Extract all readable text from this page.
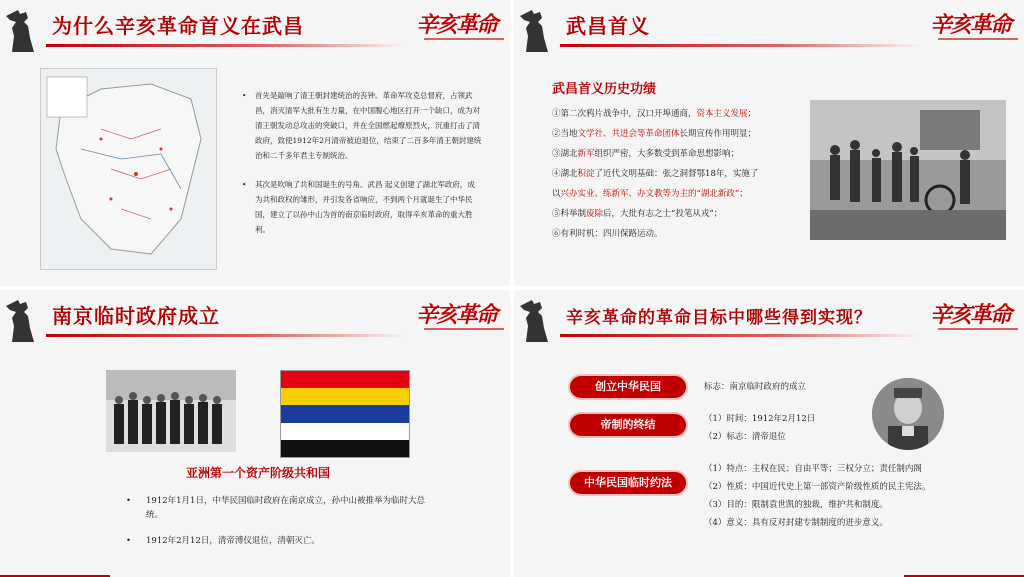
为什么辛亥革命首义在武昌	辛亥革命
• 首先是敲响了清王朝封建统治的丧钟。革命军攻克总督府，占领武昌，消灭清军大批有生力量，在中国腹心地区打开一个缺口，成为对清王朝发动总攻击的突破口，并在全国燃起燎原烈火，沉重打击了清政府，致使1912年2月清帝被迫退位，结束了二百多年清王朝封建统治和二千多年君主专制统治。
• 其次是吹响了共和国诞生的号角。武昌 起义创建了湖北军政府，成为共和政权的雏形，并引发各省响应，不到两个月就诞生了中华民国，建立了以孙中山为首的南京临时政府，取得辛亥革命的重大胜利。
武昌首义	辛亥革命
武昌首义历史功绩
①第二次鸦片战争中，汉口开埠通商，资本主义发展；
②当地文学社、共进会等革命团体长期宣传作用明显；
③湖北新军组织严密，大多数受到革命思想影响；
④湖北积淀了近代文明基础：张之洞督鄂18年，实施了
以兴办实业、练新军、办文教等为主的“湖北新政”；
⑤科举制废除后，大批有志之士“投笔从戎”；
⑥有利时机：四川保路运动。
南京临时政府成立	辛亥革命
亚洲第一个资产阶级共和国
• 1912年1月1日，中华民国临时政府在南京成立，孙中山被推举为临时大总统。
• 1912年2月12日，清帝溥仪退位，清朝灭亡。
辛亥革命的革命目标中哪些得到实现？	辛亥革命
创立中华民国
帝制的终结
中华民国临时约法
标志：南京临时政府的成立
（1）时间：1912年2月12日
（2）标志：清帝退位
（1）特点：主权在民；自由平等；三权分立；责任制内阁
（2）性质：中国近代史上第一部资产阶级性质的民主宪法。
（3）目的：限制袁世凯的独裁，维护共和制度。
（4）意义：具有反对封建专制制度的进步意义。
